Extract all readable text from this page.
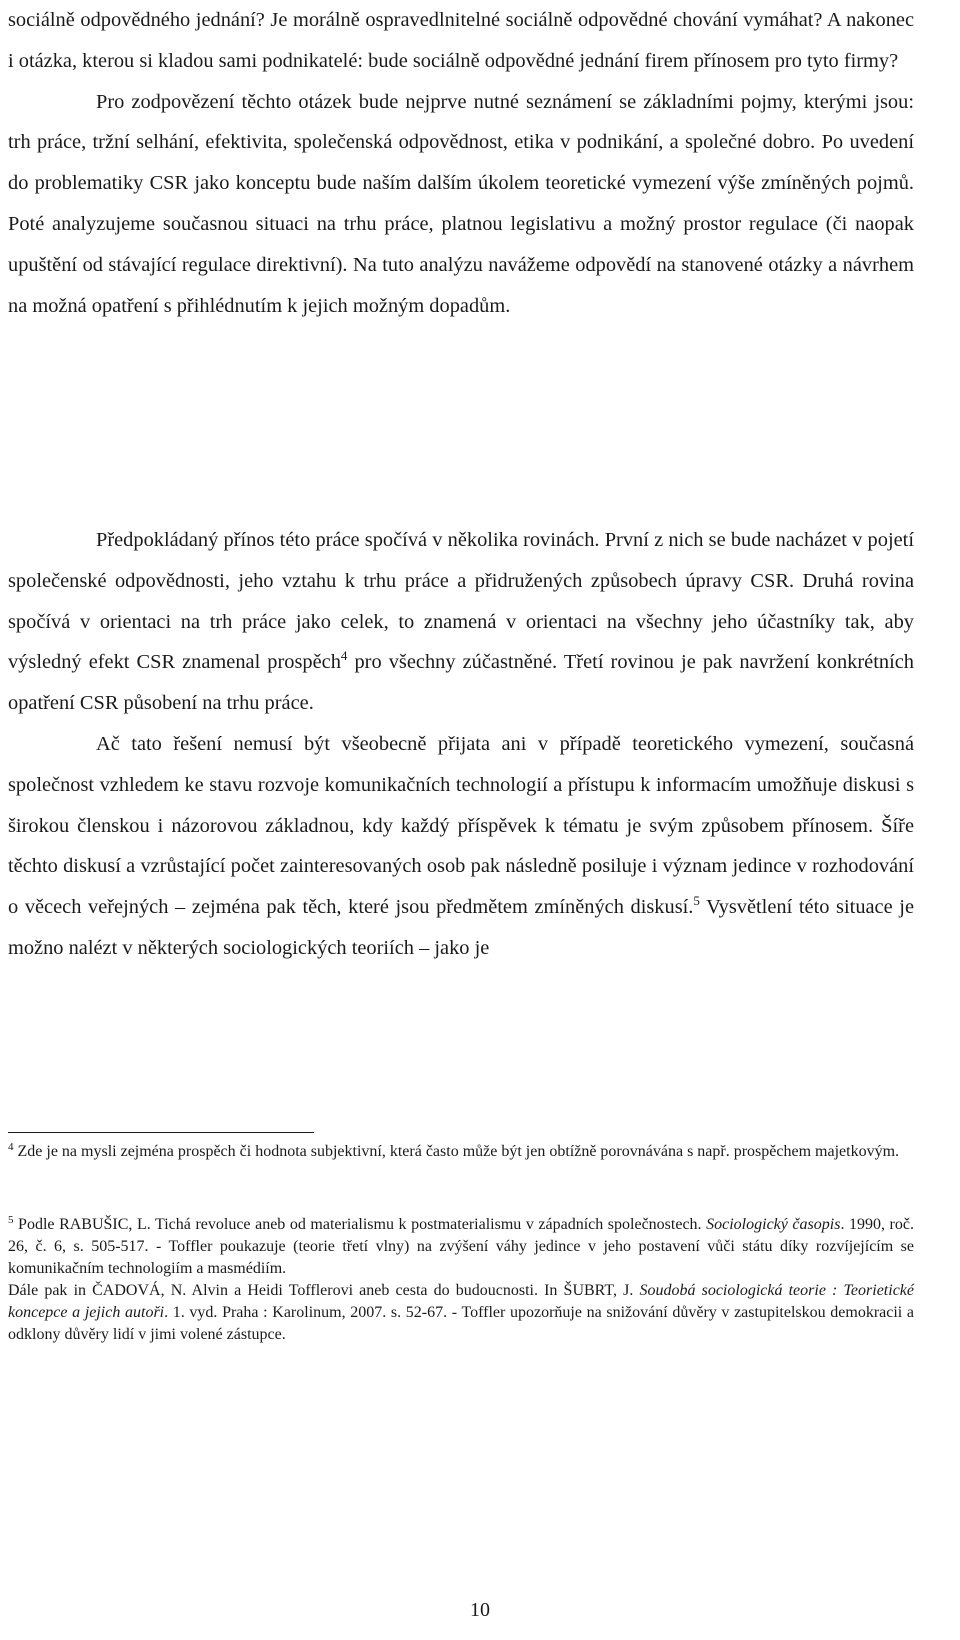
sociálně odpovědného jednání? Je morálně ospravedlnitelné sociálně odpovědné chování vymáhat? A nakonec i otázka, kterou si kladou sami podnikatelé: bude sociálně odpovědné jednání firem přínosem pro tyto firmy?

Pro zodpovězení těchto otázek bude nejprve nutné seznámení se základními pojmy, kterými jsou: trh práce, tržní selhání, efektivita, společenská odpovědnost, etika v podnikání, a společné dobro. Po uvedení do problematiky CSR jako konceptu bude naším dalším úkolem teoretické vymezení výše zmíněných pojmů. Poté analyzujeme současnou situaci na trhu práce, platnou legislativu a možný prostor regulace (či naopak upuštění od stávající regulace direktivní). Na tuto analýzu navážeme odpovědí na stanovené otázky a návrhem na možná opatření s přihlédnutím k jejich možným dopadům.

Předpokládaný přínos této práce spočívá v několika rovinách. První z nich se bude nacházet v pojetí společenské odpovědnosti, jeho vztahu k trhu práce a přidružených způsobech úpravy CSR. Druhá rovina spočívá v orientaci na trh práce jako celek, to znamená v orientaci na všechny jeho účastníky tak, aby výsledný efekt CSR znamenal prospěch$^4$ pro všechny zúčastněné. Třetí rovinou je pak navržení konkrétních opatření CSR působení na trhu práce.

Ač tato řešení nemusí být všeobecně přijata ani v případě teoretického vymezení, současná společnost vzhledem ke stavu rozvoje komunikačních technologií a přístupu k informacím umožňuje diskusi s širokou členskou i názorovou základnou, kdy každý příspěvek k tématu je svým způsobem přínosem. Šíře těchto diskusí a vzrůstající počet zainteresovaných osob pak následně posiluje i význam jedince v rozhodování o věcech veřejných – zejména pak těch, které jsou předmětem zmíněných diskusí.$^5$ Vysvětlení této situace je možno nalézt v některých sociologických teoriích – jako je

$^4$ Zde je na mysli zejména prospěch či hodnota subjektivní, která často může být jen obtížně porovnávána s např. prospěchem majetkovým.

$^5$ Podle RABUŠIC, L. Tichá revoluce aneb od materialismu k postmaterialismu v západních společnostech. Sociologický časopis. 1990, roč. 26, č. 6, s. 505-517. - Toffler poukazuje (teorie třetí vlny) na zvýšení váhy jedince v jeho postavení vůči státu díky rozvíjejícím se komunikačním technologiím a masmédiím.

Dále pak in ČADOVÁ, N. Alvin a Heidi Tofflerovi aneb cesta do budoucnosti. In ŠUBRT, J. Soudobá sociologická teorie : Teorietické koncepce a jejich autoři. 1. vyd. Praha : Karolinum, 2007. s. 52-67. - Toffler upozorňuje na snižování důvěry v zastupitelskou demokracii a odklony důvěry lidí v jimi volené zástupce.

10
